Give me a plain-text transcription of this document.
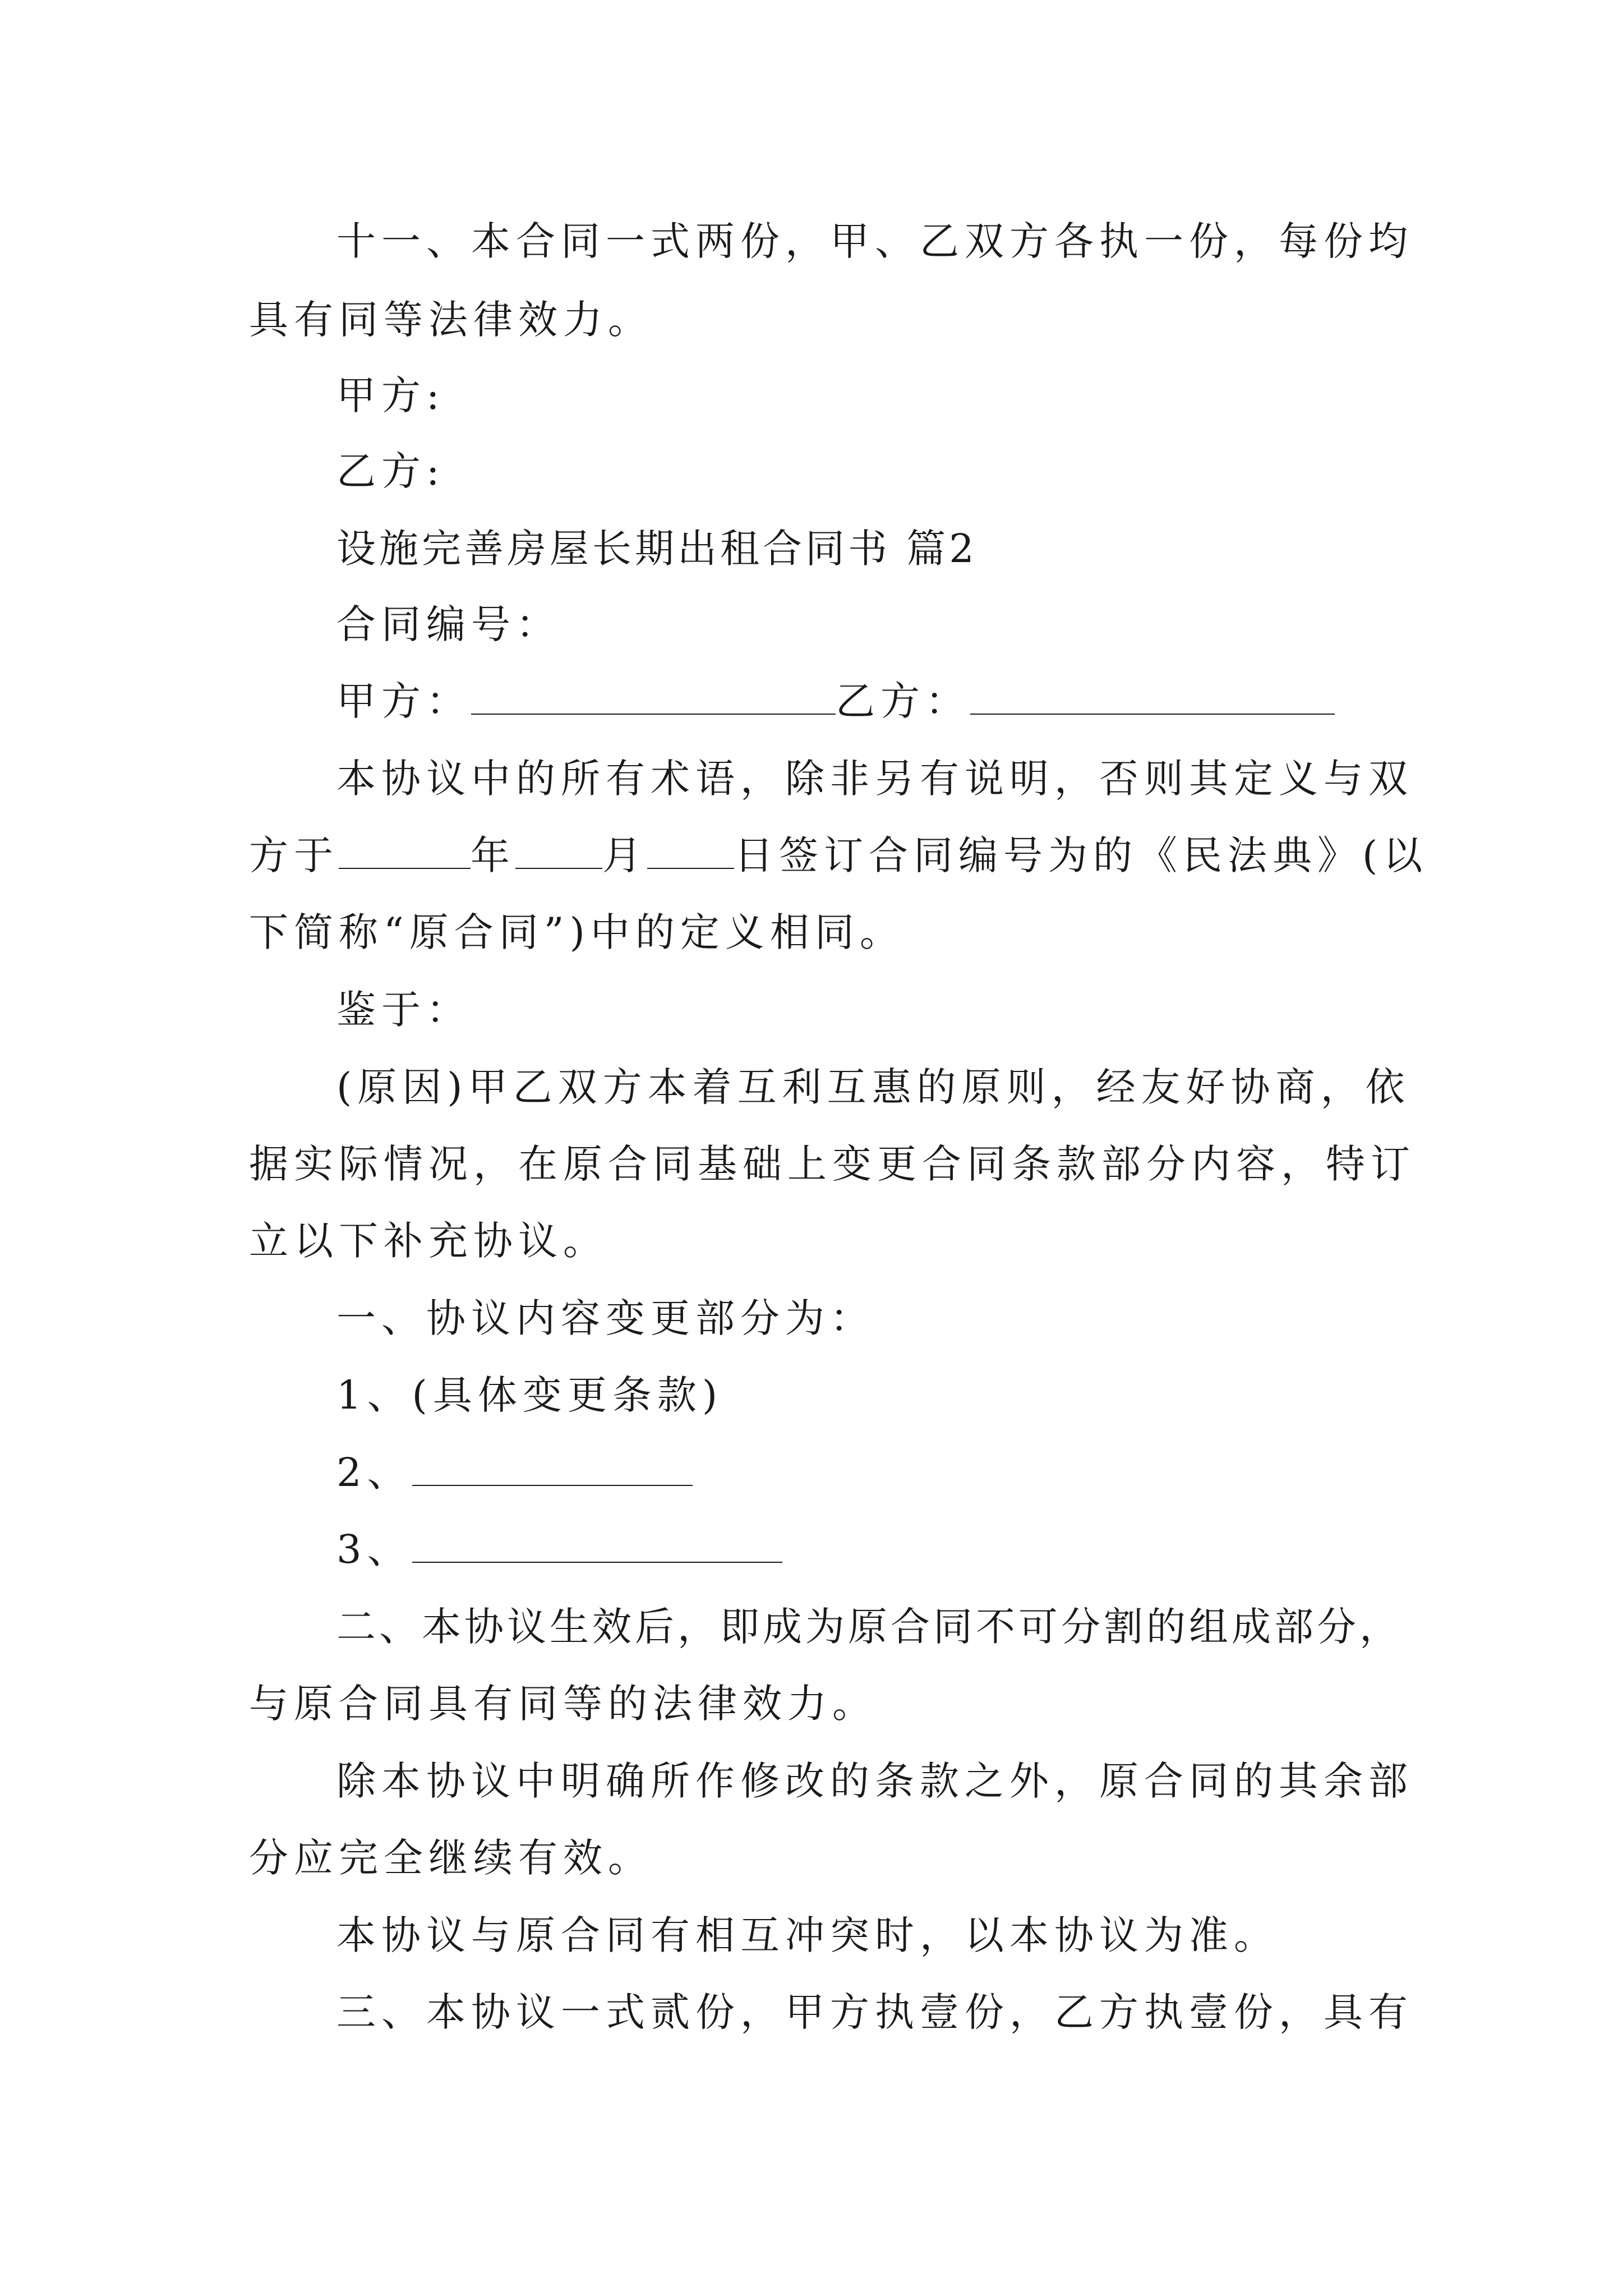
十一、本合同一式两份，甲、乙双方各执一份，每份均
具有同等法律效力。
甲方:
乙方:
设施完善房屋长期出租合同书 篇2
合同编号：
甲方：	乙方：
本协议中的所有术语，除非另有说明，否则其定义与双
方于	年 月 日签订合同编号为的《民法典》(以
下简称“原合同”)中的定义相同。
鉴于：
(原因)甲乙双方本着互利互惠的原则，经友好协商，依
据实际情况，在原合同基础上变更合同条款部分内容，特订
立以下补充协议。
一、协议内容变更部分为：
1、(具体变更条款)
2、
3、
二、本协议生效后，即成为原合同不可分割的组成部分，
与原合同具有同等的法律效力。
除本协议中明确所作修改的条款之外，原合同的其余部
分应完全继续有效。
本协议与原合同有相互冲突时，以本协议为准。
三、本协议一式贰份，甲方执壹份，乙方执壹份，具有
